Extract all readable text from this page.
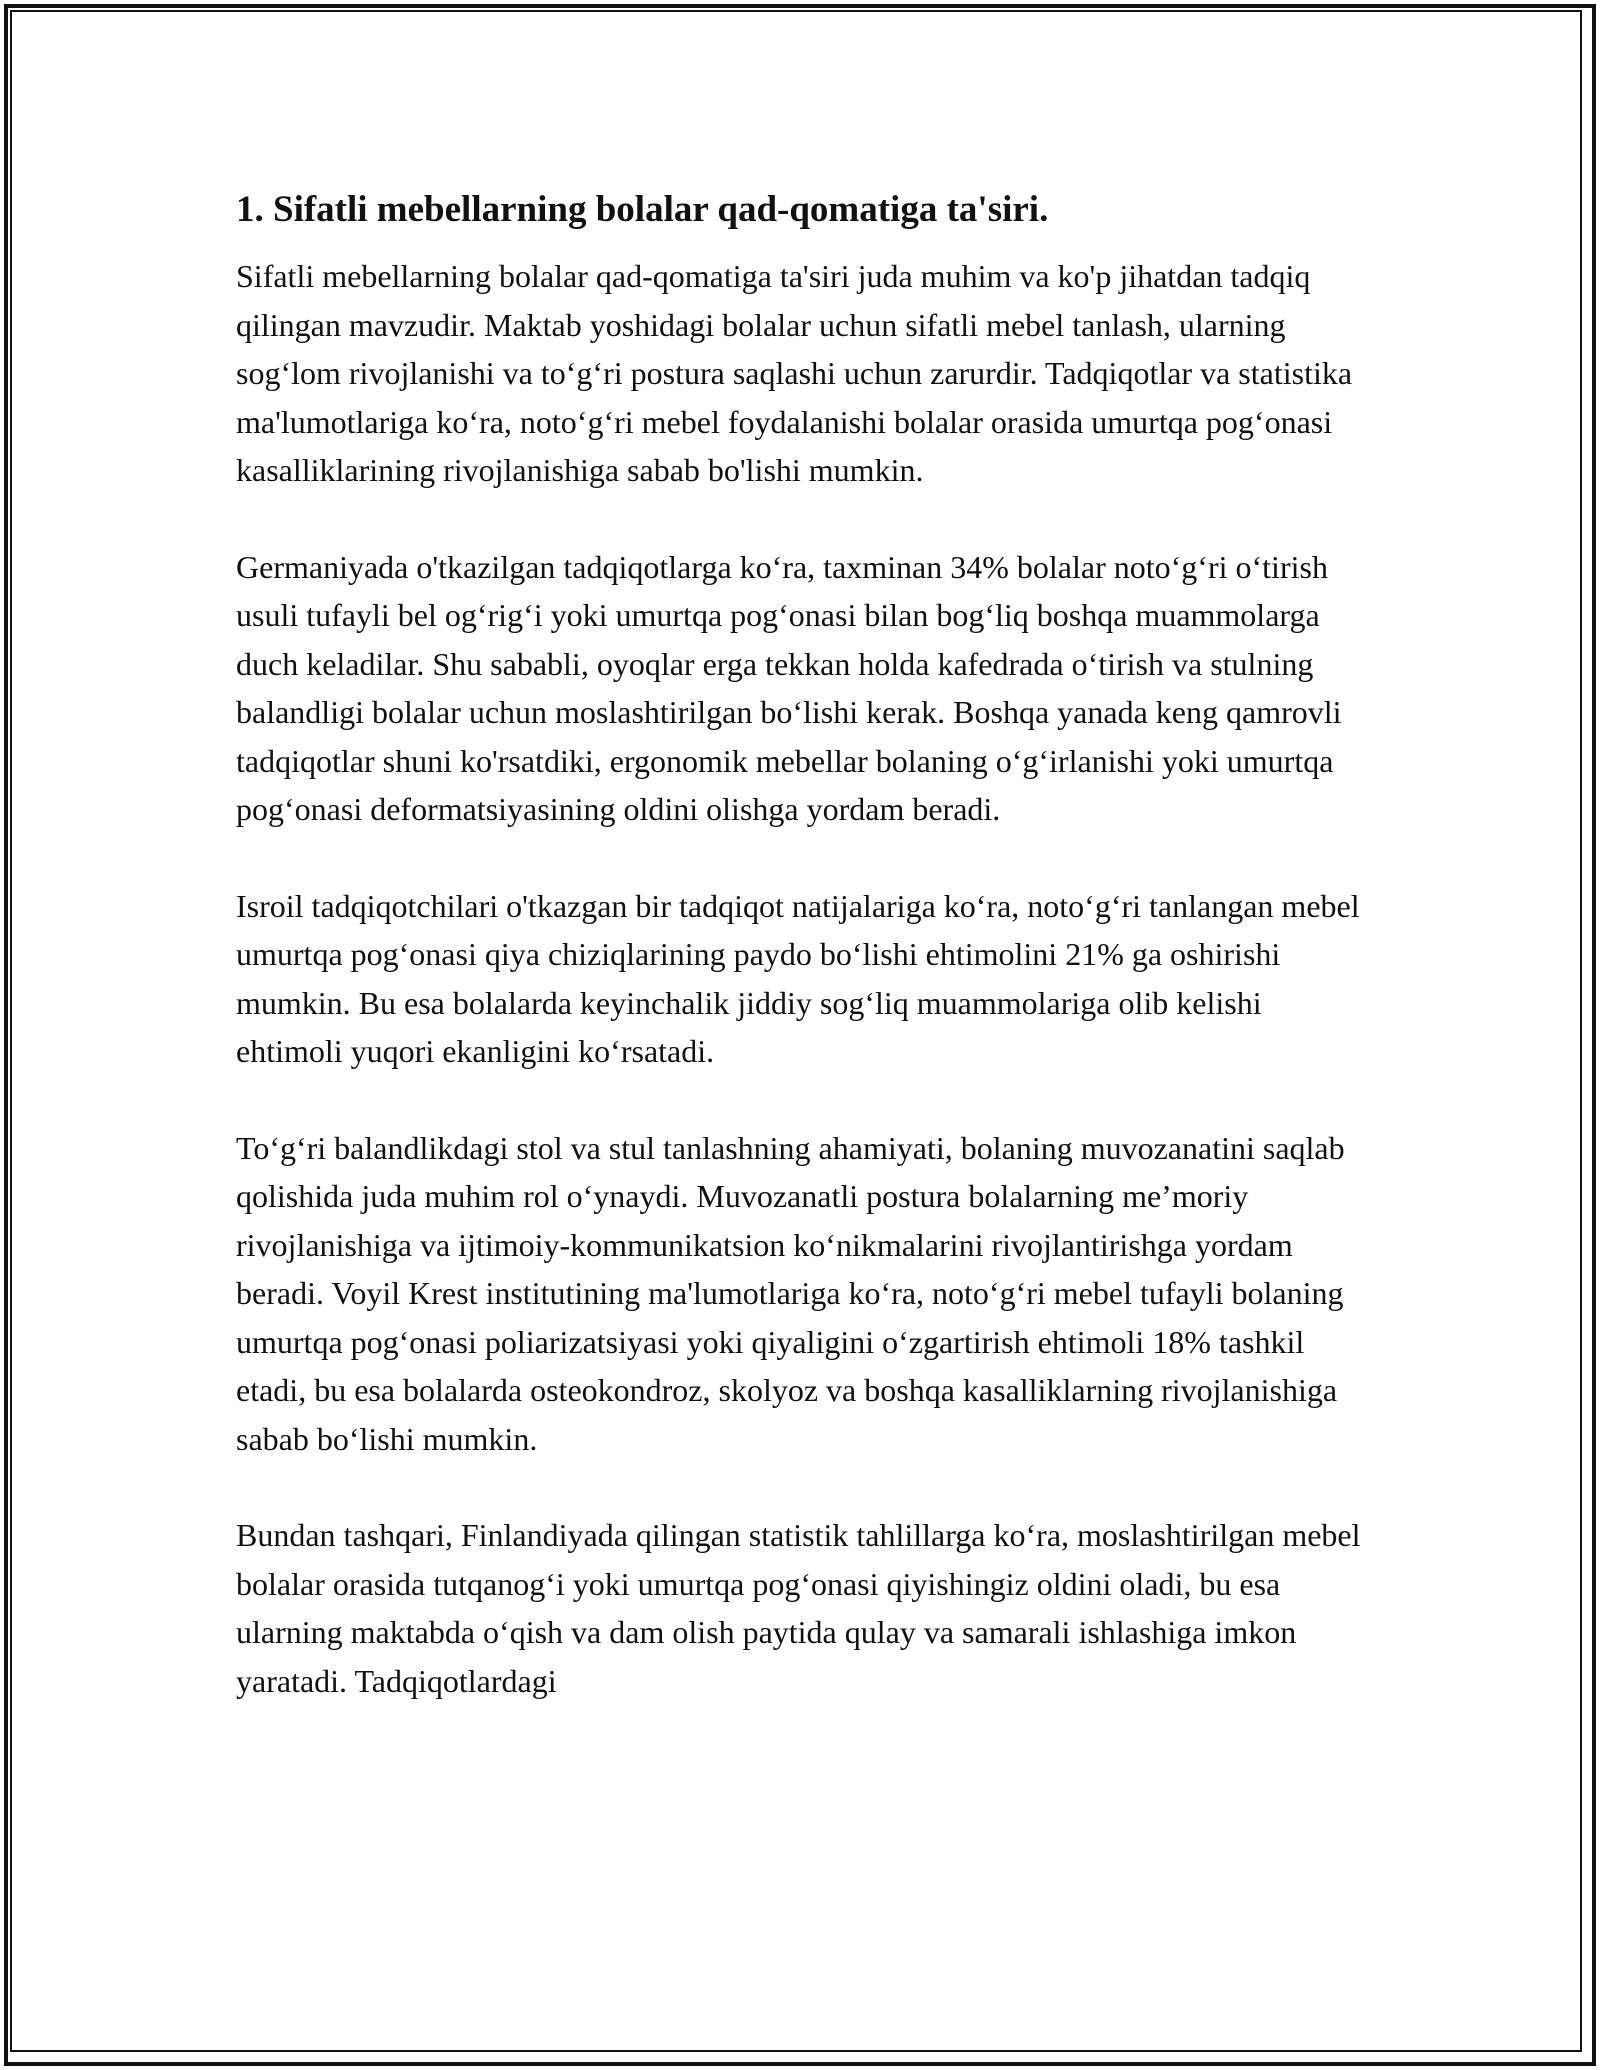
1. Sifatli mebellarning bolalar qad-qomatiga ta'siri.

Sifatli mebellarning bolalar qad-qomatiga ta'siri juda muhim va ko'p jihatdan tadqiq qilingan mavzudir. Maktab yoshidagi bolalar uchun sifatli mebel tanlash, ularning sog‘lom rivojlanishi va to‘g‘ri postura saqlashi uchun zarurdir. Tadqiqotlar va statistika ma'lumotlariga ko‘ra, noto‘g‘ri mebel foydalanishi bolalar orasida umurtqa pog‘onasi kasalliklarining rivojlanishiga sabab bo'lishi mumkin.

Germaniyada o'tkazilgan tadqiqotlarga ko‘ra, taxminan 34% bolalar noto‘g‘ri o‘tirish usuli tufayli bel og‘rig‘i yoki umurtqa pog‘onasi bilan bog‘liq boshqa muammolarga duch keladilar. Shu sababli, oyoqlar erga tekkan holda kafedrada o‘tirish va stulning balandligi bolalar uchun moslashtirilgan bo‘lishi kerak. Boshqa yanada keng qamrovli tadqiqotlar shuni ko'rsatdiki, ergonomik mebellar bolaning o‘g‘irlanishi yoki umurtqa pog‘onasi deformatsiyasining oldini olishga yordam beradi.

Isroil tadqiqotchilari o'tkazgan bir tadqiqot natijalariga ko‘ra, noto‘g‘ri tanlangan mebel umurtqa pog‘onasi qiya chiziqlarining paydo bo‘lishi ehtimolini 21% ga oshirishi mumkin. Bu esa bolalarda keyinchalik jiddiy sog‘liq muammolariga olib kelishi ehtimoli yuqori ekanligini ko‘rsatadi.

To‘g‘ri balandlikdagi stol va stul tanlashning ahamiyati, bolaning muvozanatini saqlab qolishida juda muhim rol o‘ynaydi. Muvozanatli postura bolalarning me’moriy rivojlanishiga va ijtimoiy-kommunikatsion ko‘nikmalarini rivojlantirishga yordam beradi. Voyil Krest institutining ma'lumotlariga ko‘ra, noto‘g‘ri mebel tufayli bolaning umurtqa pog‘onasi poliarizatsiyasi yoki qiyaligini o‘zgartirish ehtimoli 18% tashkil etadi, bu esa bolalarda osteokondroz, skolyoz va boshqa kasalliklarning rivojlanishiga sabab bo‘lishi mumkin.

Bundan tashqari, Finlandiyada qilingan statistik tahlillarga ko‘ra, moslashtirilgan mebel bolalar orasida tutqanog‘i yoki umurtqa pog‘onasi qiyishingiz oldini oladi, bu esa ularning maktabda o‘qish va dam olish paytida qulay va samarali ishlashiga imkon yaratadi. Tadqiqotlardagi
